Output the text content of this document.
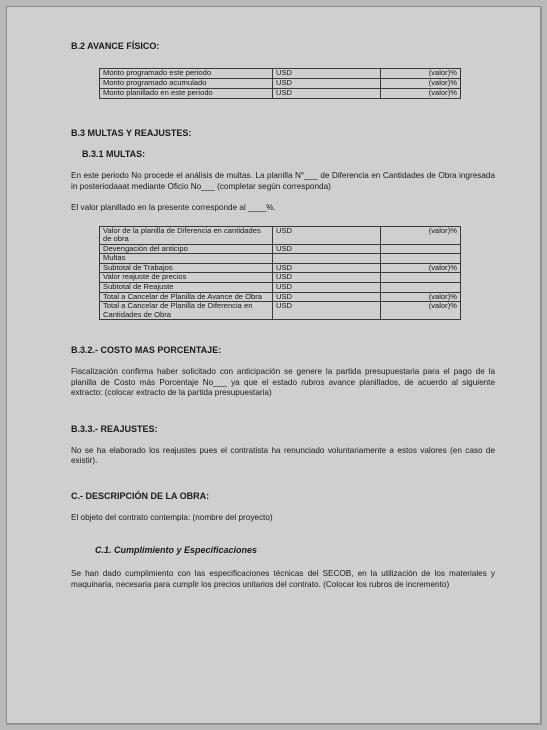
B.2 AVANCE FÍSICO:
Monto programado este periodo	USD	(valor)%
Monto programado acumulado	USD	(valor)%
Monto planillado en este periodo	USD	(valor)%
B.3 MULTAS Y REAJUSTES:
B.3.1 MULTAS:

En este periodo No procede el análisis de multas. La planilla N°___ de Diferencia en Cantidades de Obra ingresada in posteriodaaat mediante Oficio No___ (completar según corresponda)

El valor planillado en la presente corresponde al ____%.

Valor de la planilla de Diferencia en cantidades de obra	USD	(valor)%
Devengación del anticipo	USD	
Multas		
Subtotal de Trabajos	USD	(valor)%
Valor reajuste de precios	USD	
Subtotal de Reajuste	USD	
Total a Cancelar de Planilla de Avance de Obra	USD	(valor)%
Total a Cancelar de Planilla de Diferencia en Cantidades de Obra	USD	(valor)%
B.3.2.- COSTO MAS PORCENTAJE:

Fiscalización confirma haber solicitado con anticipación se genere la partida presupuestaria para el pago de la planilla de Costo más Porcentaje No___ ya que el estado rubros avance planillados, de acuerdo al siguiente extracto: (colocar extracto de la partida presupuestaria)

B.3.3.- REAJUSTES:

No se ha elaborado los reajustes pues el contratista ha renunciado voluntariamente a estos valores (en caso de existir).

C.- DESCRIPCIÓN DE LA OBRA:

El objeto del contrato contempla: (nombre del proyecto)

C.1. Cumplimiento y Especificaciones

Se han dado cumplimiento con las especificaciones técnicas del SECOB, en la utilización de los materiales y maquinaria, necesaria para cumplir los precios unitarios del contrato. (Colocar los rubros de incremento)
